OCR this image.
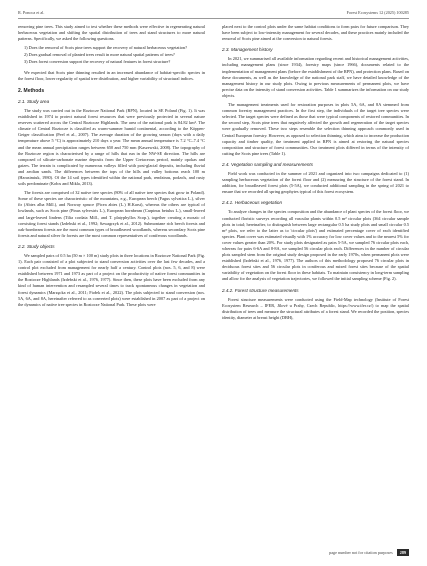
R. Ponoca et al.	Forest Ecosystems 12 (2025) 100285

removing pine trees. This study aimed to test whether these methods were effective in regenerating natural herbaceous vegetation and shifting the spatial distribution of trees and stand structures to more natural patterns. Specifically, we asked the following questions.

1) Does the removal of Scots pine trees support the recovery of natural herbaceous vegetation?
2) Does gradual removal of planted trees result in more natural spatial patterns of trees?
3) Does forest conversion support the recovery of natural features in forest structure?

We expected that Scots pine thinning resulted in an increased abundance of habitat-specific species in the forest floor, lower regularity of spatial tree distribution, and higher variability of structural indices.

2. Methods
2.1. Study area

The study was carried out in the Roztocze National Park (RPN), located in SE Poland (Fig. 1). It was established in 1974 to protect natural forest resources that were previously protected in several nature reserves scattered across the Central Roztocze Highlands. The area of the national park is 84.82 km². The climate of Central Roztocze is classified as warm-summer humid continental, according to the Köppen-Geiger classification (Peel et al., 2007). The average duration of the growing season (days with a daily temperature above 5 °C) is approximately 210 days a year. The mean annual temperature is 7.2 °C–7.4 °C and the mean annual precipitation ranges between 650 and 750 mm (Kaszewski, 2008). The topography of the Roztocze region is characterised by a range of hills that run in the NW-SE direction. The hills are composed of silicate-carbonate marine deposits from the Upper Cretaceous period, mainly opokas and gaizes. The terrain is complicated by numerous valleys filled with post-glacial deposits, including fluvial and aeolian sands. The differences between the tops of the hills and valley bottoms reach 100 m (Harasimiuk, 1980). Of the 14 soil types identified within the national park, rendzinas, podzols, and rusty soils predominate (Kołos and Mikla, 2013).

The forests are comprised of 32 native tree species (80% of all native tree species that grow in Poland). Some of these species are characteristic of the mountains, e.g., European beech (Fagus sylvatica L.), silver fir (Abies alba Mill.), and Norway spruce (Picea abies (L.) H.Karst), whereas the others are typical of lowlands, such as Scots pine (Pinus sylvestris L.), European hornbeam (Carpinus betulus L.), small-leaved and large-leaved lindens (Tilia cordata Mill., and T. platyphyllos Scop.), together creating a mosaic of coexisting forest stands (Izdebski et al., 1992; Szwagrzyk et al., 2012). Submontane rich beech forests and oak-hornbeam forests are the most common types of broadleaved woodlands, whereas secondary Scots pine forests and natural silver fir forests are the most common representatives of coniferous woodlands.

2.2. Study objects

We sampled pairs of 0.5 ha (50 m × 100 m) study plots in three locations in Roztocze National Park (Fig. 1). Each pair consisted of a plot subjected to stand conversion activities over the last few decades, and a control plot excluded from management for nearly half a century. Control plots (nos. 5, 6, and 8) were established between 1971 and 1973 as part of a project on the productivity of native forest communities in the Roztocze Highlands (Izdebski et al., 1976, 1977). Since then, these plots have been excluded from any kind of human intervention and resampled several times to track spontaneous changes in vegetation and forest dynamics (Marzęcka et al., 2011; Fiołek et al., 2022). The plots subjected to stand conversion (nos. 5A, 6A, and 8A, hereinafter referred to as converted plots) were established in 2007 as part of a project on the dynamics of native tree species in Roztocze National Park. These plots were

placed next to the control plots under the same habitat conditions to form pairs for future comparison. They have been subject to low-intensity management for several decades, and these practices mainly included the removal of Scots pine aimed at the conversion to natural forests.

2.3. Management history

In 2021, we summarised all available information regarding recent and historical management activities, including management plans (since 1934), forestry maps (since 1966), documents related to the implementation of management plans (before the establishment of the RPN), and protection plans. Based on these documents, as well as the knowledge of the national park staff, we have detailed knowledge of the management history in our study plots. Owing to previous measurements of permanent plots, we have precise data on the intensity of stand conversion activities. Table 1 summarizes the information on our study objects.

The management treatments used for restoration purposes in plots 5A, 6A, and 8A stemmed from common forestry management practices. In the first step, the individuals of the target tree species were selected. The target species were defined as those that were typical components of restored communities. In the second step, Scots pine trees that negatively affected the growth and regeneration of the target species were gradually removed. These two steps resemble the selection thinning approach commonly used in Central European forestry. However, as opposed to selection thinning, which aims to increase the production capacity and timber quality, the treatment applied in RPN is aimed at restoring the natural species composition and structure of forest communities. Our treatment plots differed in terms of the intensity of cutting the Scots pine trees (Table 1).

2.4. Vegetation sampling and measurements

Field work was conducted in the summer of 2021 and organized into two campaigns dedicated to (1) sampling herbaceous vegetation of the forest floor and (2) measuring the structure of the forest stand. In addition, for broadleaved forest plots (5-5A), we conducted additional sampling in the spring of 2021 to ensure that we recorded all spring geophytes typical of this forest ecosystem.

2.4.1. Herbaceous vegetation

To analyze changes in the species composition and the abundance of plant species of the forest floor, we conducted floristic surveys recording all vascular plants within 0.5 m² circular plots (364 circular sample plots in total; hereinafter, to distinguish between large rectangular 0.5 ha study plots and small circular 0.5 m² plots, we refer to the latter as to 'circular plots') and estimated percentage cover of each identified species. Plant cover was estimated visually with 1% accuracy for low cover values and to the nearest 5% for cover values greater than 20%. For study plots designated as pairs 5-5A, we sampled 76 circular plots each, whereas for pairs 6-6A and 8-8A, we sampled 56 circular plots each. Differences in the number of circular plots sampled stem from the original study design proposed in the early 1970s, when permanent plots were established (Izdebski et al., 1976, 1977). The authors of this methodology proposed 76 circular plots in deciduous forest sites and 56 circular plots in coniferous and mixed forest sites because of the spatial variability of vegetation on the forest floor in these habitats. To maintain consistency in long-term sampling and allow for the analysis of vegetation trajectories, we followed the initial sampling scheme (Fig. 2).

2.4.2. Forest structure measurements

Forest structure measurements were conducted using the Field-Map technology (Institute of Forest Ecosystem Research – IFER, Jílové u Prahy, Czech Republic, https://www.ifer.cz/) to map the spatial distribution of trees and measure the structural attributes of a forest stand. We recorded the position, species identity, diameter at breast height (DBH),

page number not for citation purposes 289
